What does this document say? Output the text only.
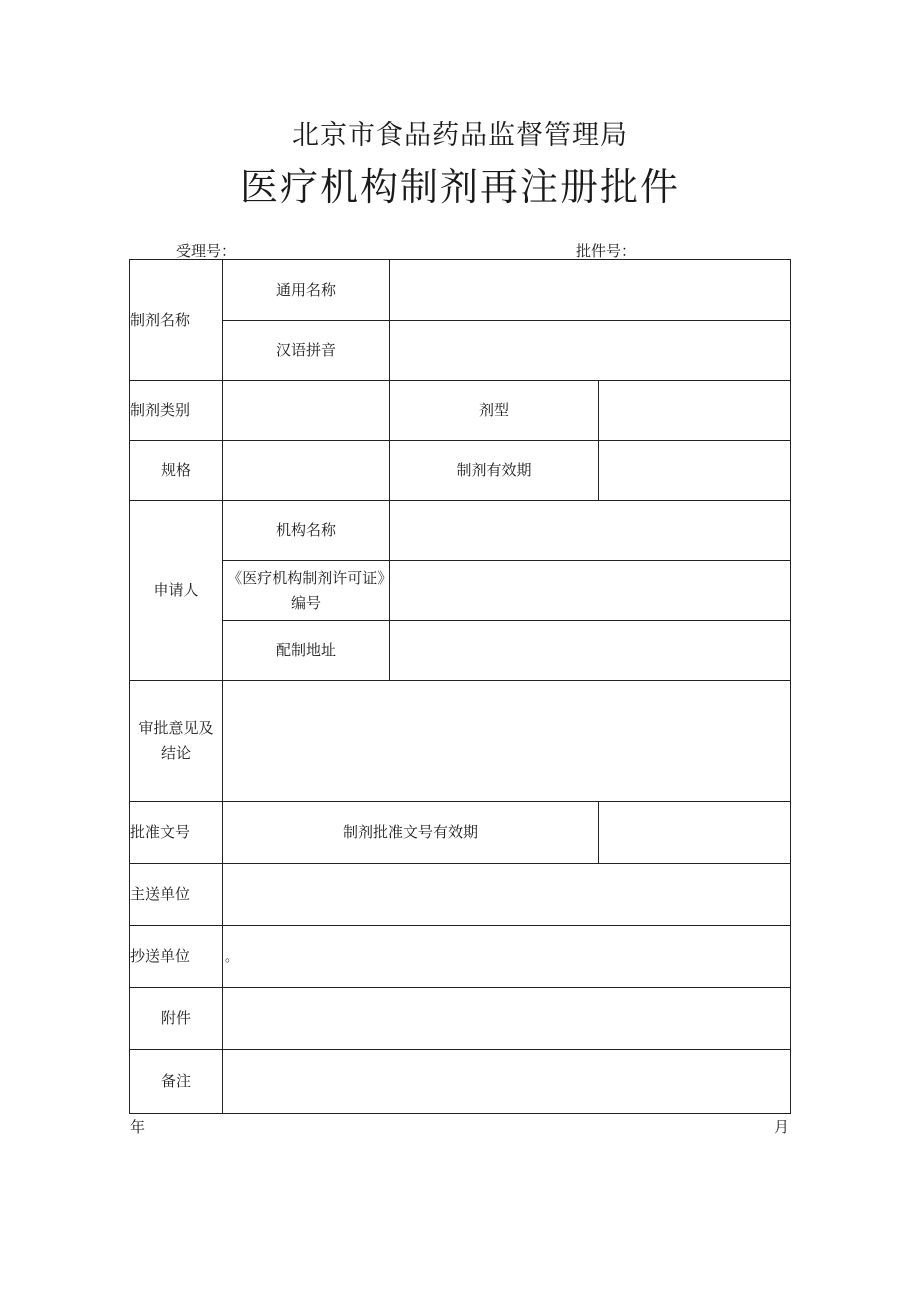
北京市食品药品监督管理局
医疗机构制剂再注册批件
受理号：	批件号：
制剂名称	通用名称		
	汉语拼音		
制剂类别		剂型	
规格		制剂有效期	
申请人	机构名称		
	《医疗机构制剂许可证》编号		
	配制地址		
审批意见及结论			
批准文号	制剂批准文号有效期		
主送单位			
抄送单位	。		
附件			
备注			
年	月
